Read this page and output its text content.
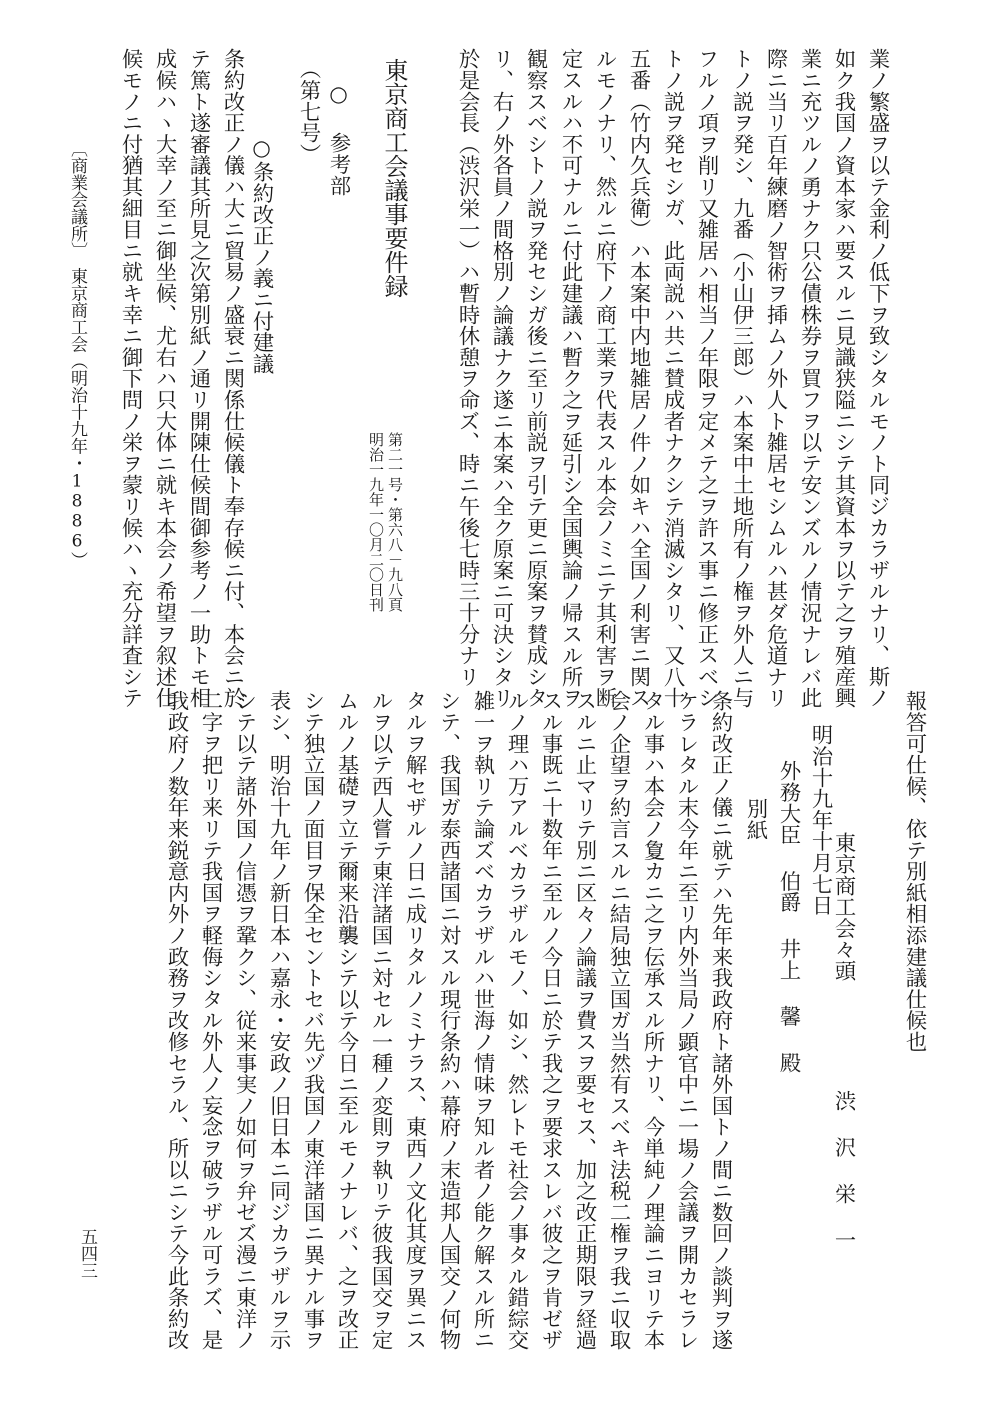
業ノ繁盛ヲ以テ金利ノ低下ヲ致シタルモノト同ジカラザルナリ、斯ノ
如ク我国ノ資本家ハ要スルニ見識狭隘ニシテ其資本ヲ以テ之ヲ殖産興
業ニ充ツルノ勇ナク只公債株券ヲ買フヲ以テ安ンズルノ情況ナレバ此
際ニ当リ百年練磨ノ智術ヲ揷ムノ外人ト雑居セシムルハ甚ダ危道ナリ
トノ説ヲ発シ、九番（小山伊三郎）ハ本案中土地所有ノ権ヲ外人ニ与
フルノ項ヲ削リ又雑居ハ相当ノ年限ヲ定メテ之ヲ許ス事ニ修正スベシ
トノ説ヲ発セシガ、此両説ハ共ニ賛成者ナクシテ消滅シタリ、又八十
五番（竹内久兵衛）ハ本案中内地雑居ノ件ノ如キハ全国ノ利害ニ関ス
ルモノナリ、然ルニ府下ノ商工業ヲ代表スル本会ノミニテ其利害ヲ断
定スルハ不可ナルニ付此建議ハ暫ク之ヲ延引シ全国輿論ノ帰スル所ヲ
観察スベシトノ説ヲ発セシガ後ニ至リ前説ヲ引テ更ニ原案ヲ賛成シタ
リ、右ノ外各員ノ間格別ノ論議ナク遂ニ本案ハ全ク原案ニ可決シタリ
於是会長（渋沢栄一）ハ暫時休憩ヲ命ズ、時ニ午後七時三十分ナリ
東京商工会議事要件録
第二一号・第六八－九八頁
明治一九年一〇月二〇日刊
（第七号） ○ 参考部
○条約改正ノ義ニ付建議
条約改正ノ儀ハ大ニ貿易ノ盛衰ニ関係仕候儀ト奉存候ニ付、本会ニ於
テ篤ト遂審議其所見之次第別紙ノ通リ開陳仕候間御参考ノ一助トモ相
成候ハヽ大幸ノ至ニ御坐候、尤右ハ只大体ニ就キ本会ノ希望ヲ叙述仕
候モノニ付猶其細目ニ就キ幸ニ御下問ノ栄ヲ蒙リ候ハヽ充分詳査シテ
〔商業会議所〕　東京商工会（明治十九年・1886）
報答可仕候、依テ別紙相添建議仕候也
東京商工会々頭
渋 沢 栄 一
明治十九年十月七日
外務大臣 伯爵 井上 馨 殿
別紙
条約改正ノ儀ニ就テハ先年来我政府ト諸外国トノ間ニ数回ノ談判ヲ遂
ケラレタル末今年ニ至リ内外当局ノ顕官中ニ一場ノ会議ヲ開カセラレ
タル事ハ本会ノ夐カニ之ヲ伝承スル所ナリ、今単純ノ理論ニヨリテ本
会ノ企望ヲ約言スルニ結局独立国ガ当然有スベキ法税二権ヲ我ニ収取
スルニ止マリテ別ニ区々ノ論議ヲ費スヲ要セス、加之改正期限ヲ経過
スル事既ニ十数年ニ至ルノ今日ニ於テ我之ヲ要求スレバ彼之ヲ肯ゼザ
ルノ理ハ万アルベカラザルモノ、如シ、然レトモ社会ノ事タル錯綜交
雑一ヲ執リテ論ズベカラザルハ世海ノ情味ヲ知ル者ノ能ク解スル所ニ
シテ、我国ガ泰西諸国ニ対スル現行条約ハ幕府ノ末造邦人国交ノ何物
タルヲ解セザルノ日ニ成リタルノミナラス、東西ノ文化其度ヲ異ニス
ルヲ以テ西人嘗テ東洋諸国ニ対セル一種ノ変則ヲ執リテ彼我国交ヲ定
ムルノ基礎ヲ立テ爾来沿襲シテ以テ今日ニ至ルモノナレバ、之ヲ改正
シテ独立国ノ面目ヲ保全セントセバ先ヅ我国ノ東洋諸国ニ異ナル事ヲ
表シ、明治十九年ノ新日本ハ嘉永・安政ノ旧日本ニ同ジカラザルヲ示
シテ以テ諸外国ノ信憑ヲ鞏クシ、従来事実ノ如何ヲ弁ゼズ漫ニ東洋ノ
二字ヲ把リ来リテ我国ヲ軽侮シタル外人ノ妄念ヲ破ラザル可ラズ、是
我政府ノ数年来鋭意内外ノ政務ヲ改修セラル、所以ニシテ今此条約改
五四三
